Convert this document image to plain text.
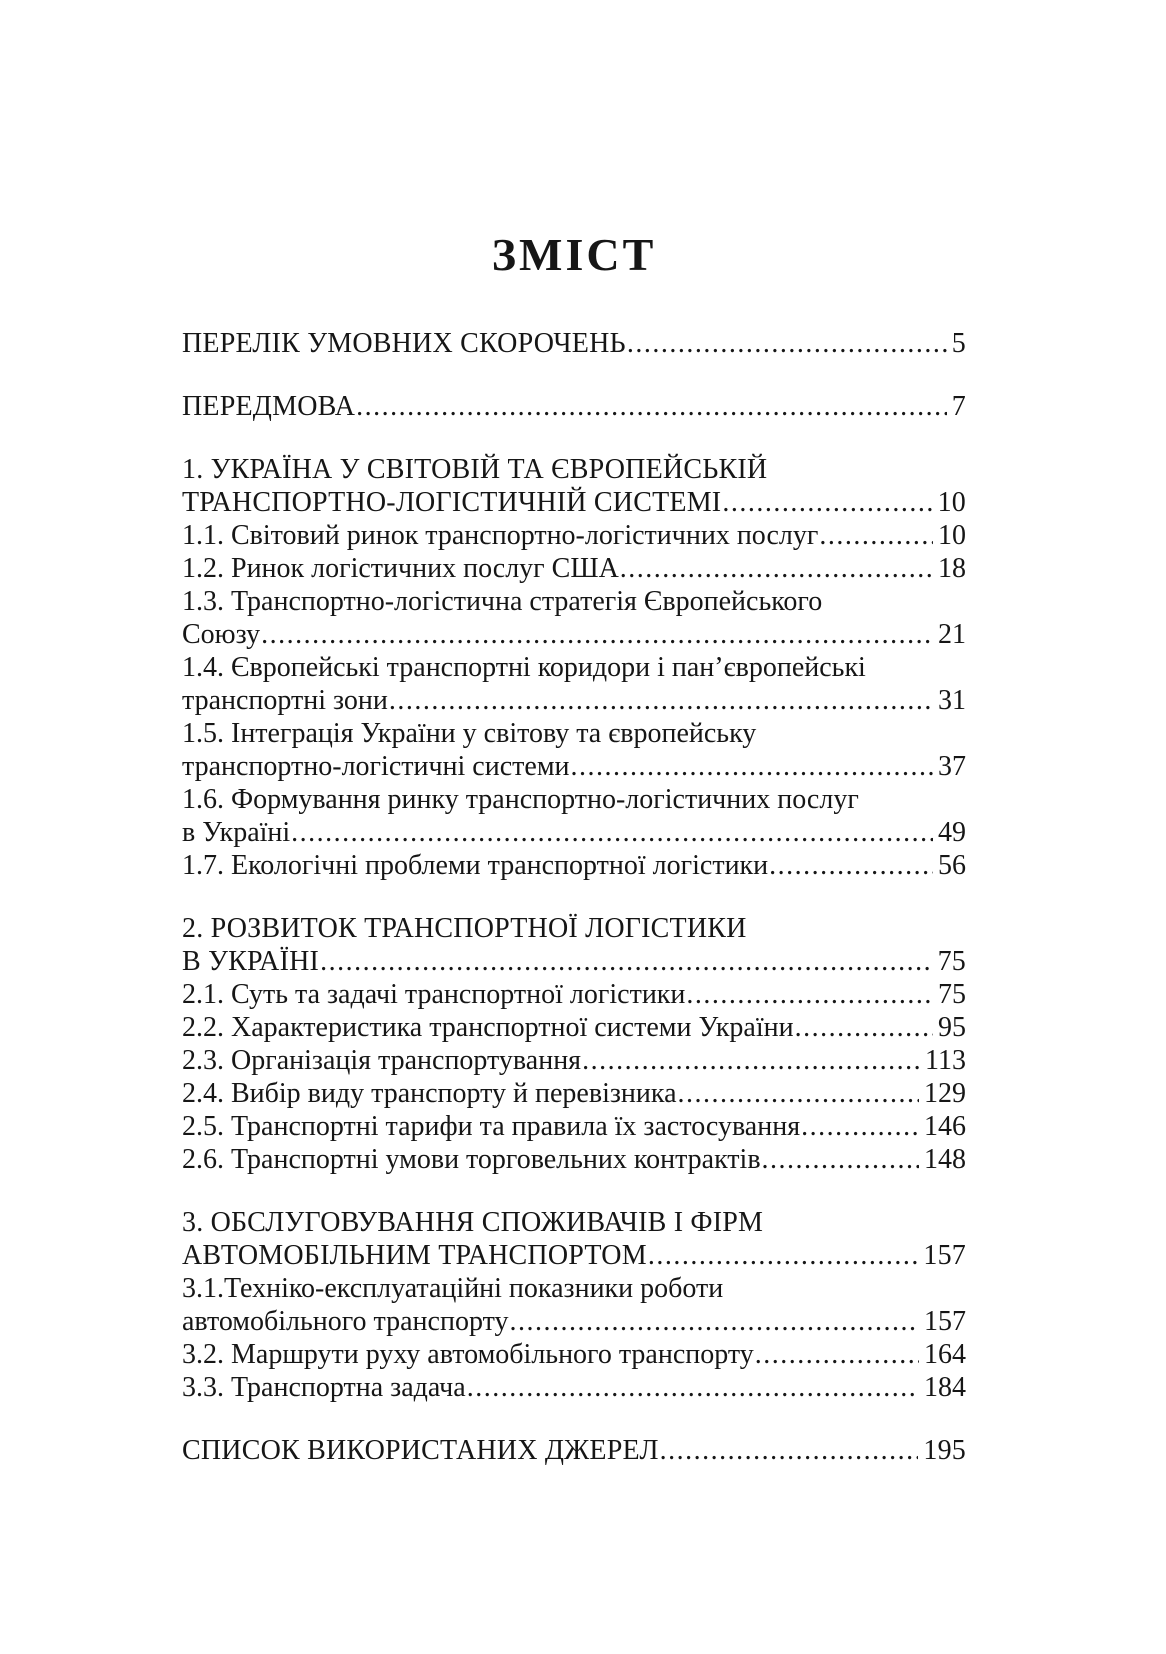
ЗМІСТ
ПЕРЕЛІК УМОВНИХ СКОРОЧЕНЬ .....	5
ПЕРЕДМОВА .....	7
1. УКРАЇНА У СВІТОВІЙ ТА ЄВРОПЕЙСЬКІЙ
ТРАНСПОРТНО-ЛОГІСТИЧНІЙ СИСТЕМІ .....	10
1.1. Світовий ринок транспортно-логістичних послуг .....	10
1.2. Ринок логістичних послуг США .....	18
1.3. Транспортно-логістична стратегія Європейського
Союзу .....	21
1.4. Європейські транспортні коридори і пан’європейські
транспортні зони .....	31
1.5. Інтеграція України у світову та європейську
транспортно-логістичні системи .....	37
1.6. Формування ринку транспортно-логістичних послуг
в Україні .....	49
1.7. Екологічні проблеми транспортної логістики .....	56
2. РОЗВИТОК ТРАНСПОРТНОЇ ЛОГІСТИКИ
В УКРАЇНІ .....	75
2.1. Суть та задачі транспортної логістики .....	75
2.2. Характеристика транспортної системи України .....	95
2.3. Організація транспортування .....	113
2.4. Вибір виду транспорту й перевізника .....	129
2.5. Транспортні тарифи та правила їх застосування .....	146
2.6. Транспортні умови торговельних контрактів .....	148
3. ОБСЛУГОВУВАННЯ СПОЖИВАЧІВ І ФІРМ
АВТОМОБІЛЬНИМ ТРАНСПОРТОМ .....	157
3.1.Техніко-експлуатаційні показники роботи
автомобільного транспорту .....	157
3.2. Маршрути руху автомобільного транспорту .....	164
3.3. Транспортна задача .....	184
СПИСОК ВИКОРИСТАНИХ ДЖЕРЕЛ .....	195
